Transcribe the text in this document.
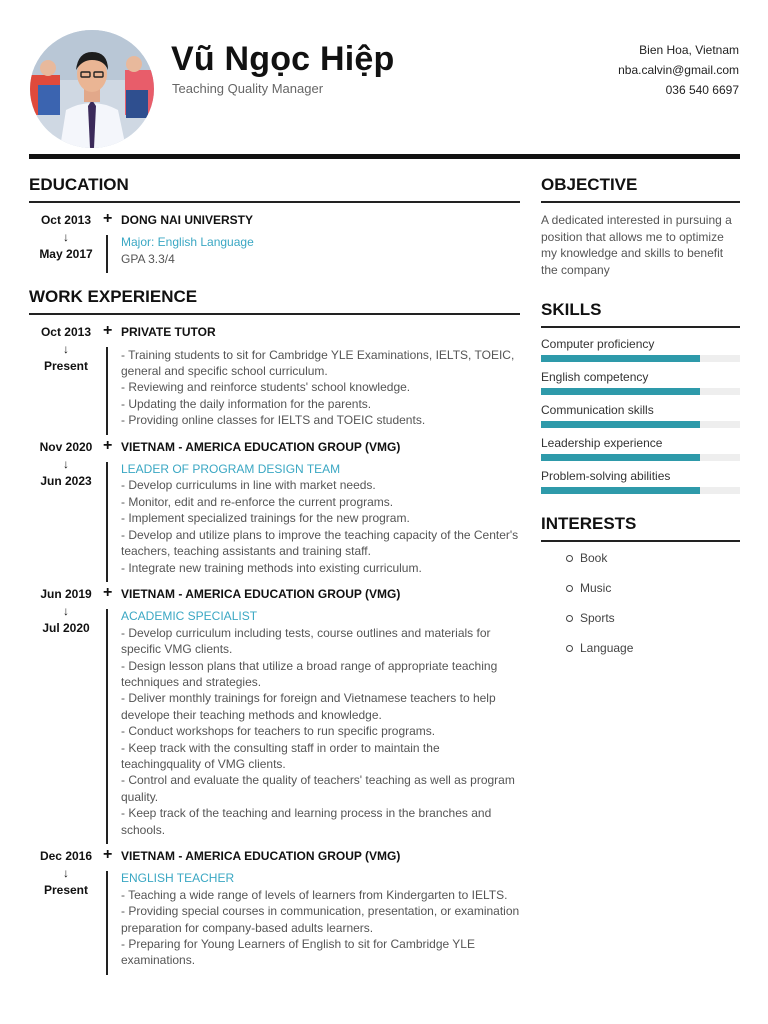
Vũ Ngọc Hiệp
Teaching Quality Manager
Bien Hoa, Vietnam
nba.calvin@gmail.com
036 540 6697
EDUCATION
Oct 2013
↓
May 2017
+ DONG NAI UNIVERSTY
Major: English Language
GPA 3.3/4
WORK EXPERIENCE
Oct 2013
↓
Present
+ PRIVATE TUTOR
- Training students to sit for Cambridge YLE Examinations, IELTS, TOEIC, general and specific school curriculum.
- Reviewing and reinforce students' school knowledge.
- Updating the daily information for the parents.
- Providing online classes for IELTS and TOEIC students.
Nov 2020
↓
Jun 2023
+ VIETNAM - AMERICA EDUCATION GROUP (VMG)
LEADER OF PROGRAM DESIGN TEAM
- Develop curriculums in line with market needs.
- Monitor, edit and re-enforce the current programs.
- Implement specialized trainings for the new program.
- Develop and utilize plans to improve the teaching capacity of the Center's teachers, teaching assistants and training staff.
- Integrate new training methods into existing curriculum.
Jun 2019
↓
Jul 2020
+ VIETNAM - AMERICA EDUCATION GROUP (VMG)
ACADEMIC SPECIALIST
- Develop curriculum including tests, course outlines and materials for specific VMG clients.
- Design lesson plans that utilize a broad range of appropriate teaching techniques and strategies.
- Deliver monthly trainings for foreign and Vietnamese teachers to help develope their teaching methods and knowledge.
- Conduct workshops for teachers to run specific programs.
- Keep track with the consulting staff in order to maintain the teachingquality of VMG clients.
- Control and evaluate the quality of teachers' teaching as well as program quality.
- Keep track of the teaching and learning process in the branches and schools.
Dec 2016
↓
Present
+ VIETNAM - AMERICA EDUCATION GROUP (VMG)
ENGLISH TEACHER
- Teaching a wide range of levels of learners from Kindergarten to IELTS.
- Providing special courses in communication, presentation, or examination preparation for company-based adults learners.
- Preparing for Young Learners of English to sit for Cambridge YLE examinations.
OBJECTIVE
A dedicated interested in pursuing a position that allows me to optimize my knowledge and skills to benefit the company
SKILLS
Computer proficiency
English competency
Communication skills
Leadership experience
Problem-solving abilities
INTERESTS
Book
Music
Sports
Language
